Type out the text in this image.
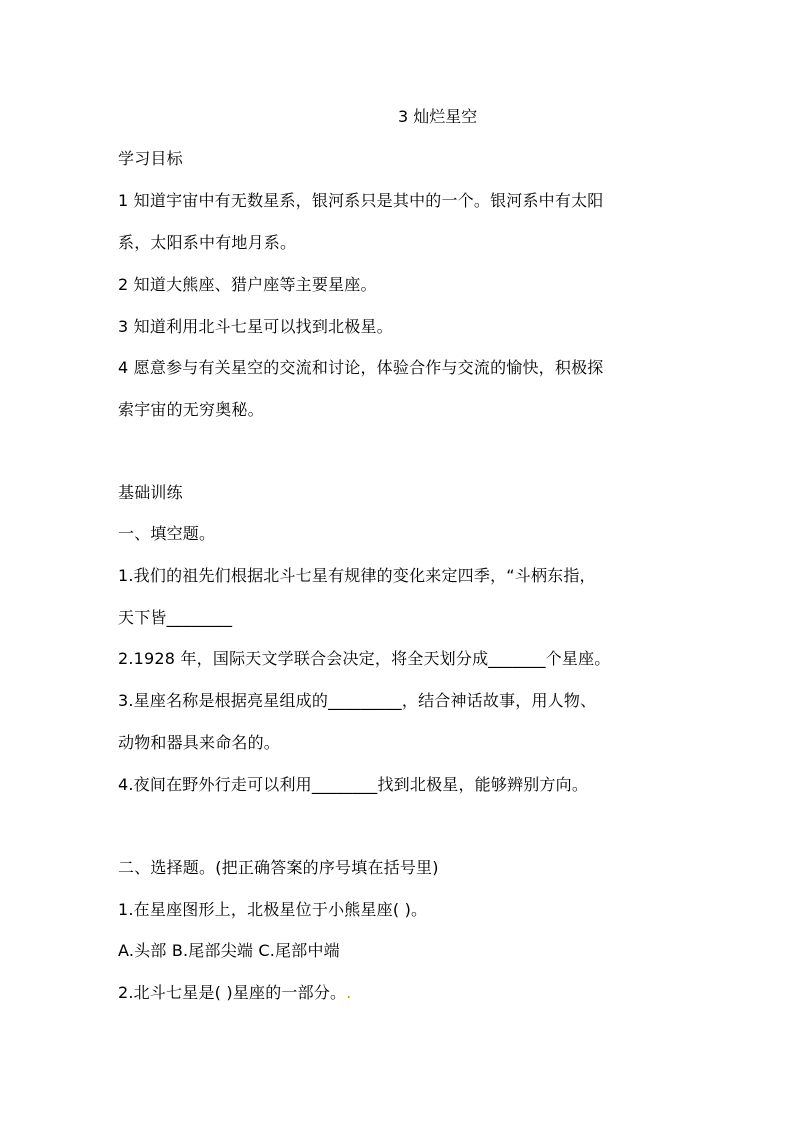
3 灿烂星空
学习目标
1 知道宇宙中有无数星系，银河系只是其中的一个。银河系中有太阳
系，太阳系中有地月系。
2 知道大熊座、猎户座等主要星座。
3 知道利用北斗七星可以找到北极星。
4 愿意参与有关星空的交流和讨论，体验合作与交流的愉快，积极探
索宇宙的无穷奥秘。
基础训练
一、填空题。
1.我们的祖先们根据北斗七星有规律的变化来定四季，“斗柄东指，
天下皆________
2.1928 年，国际天文学联合会决定，将全天划分成_______个星座。
3.星座名称是根据亮星组成的_________，结合神话故事，用人物、
动物和器具来命名的。
4.夜间在野外行走可以利用________找到北极星，能够辨别方向。
二、选择题。(把正确答案的序号填在括号里)
1.在星座图形上，北极星位于小熊星座( )。
A.头部 B.尾部尖端 C.尾部中端
2.北斗七星是( )星座的一部分。.
